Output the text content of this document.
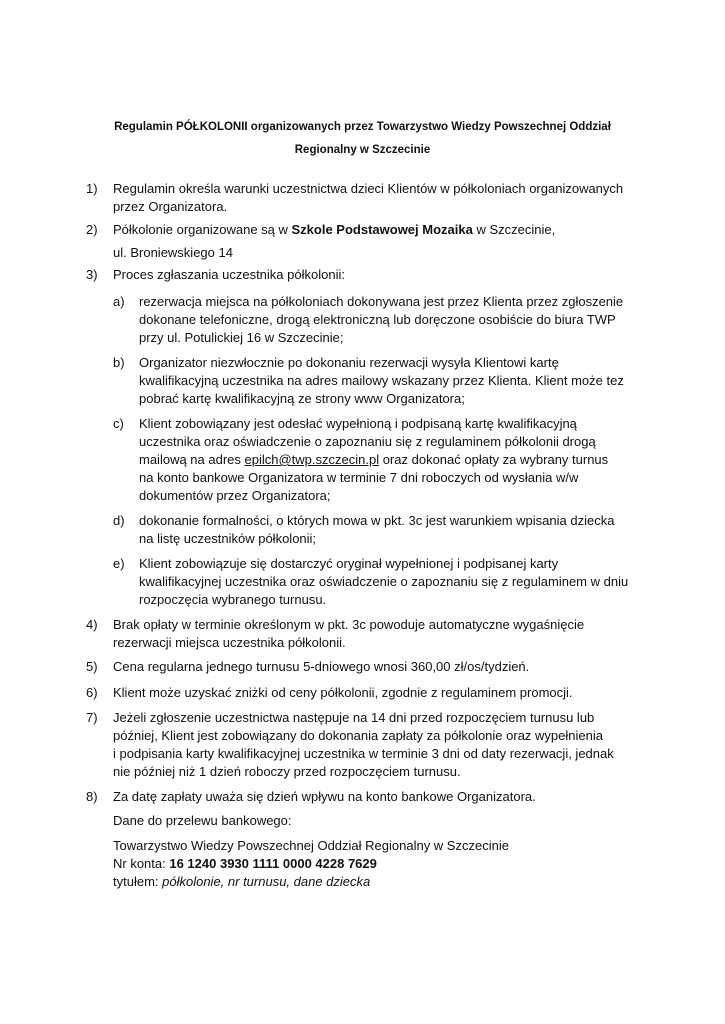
Regulamin PÓŁKOLONII organizowanych przez Towarzystwo Wiedzy Powszechnej Oddział
Regionalny w Szczecinie
1) Regulamin określa warunki uczestnictwa dzieci Klientów w półkoloniach organizowanych
przez Organizatora.
2) Półkolonie organizowane są w Szkole Podstawowej Mozaika w Szczecinie,
ul. Broniewskiego 14
3) Proces zgłaszania uczestnika półkolonii:
a) rezerwacja miejsca na półkoloniach dokonywana jest przez Klienta przez zgłoszenie
dokonane telefoniczne, drogą elektroniczną lub doręczone osobiście do biura TWP
przy ul. Potulickiej 16 w Szczecinie;
b) Organizator niezwłocznie po dokonaniu rezerwacji wysyła Klientowi kartę
kwalifikacyjną uczestnika na adres mailowy wskazany przez Klienta. Klient może tez
pobrać kartę kwalifikacyjną ze strony www Organizatora;
c) Klient zobowiązany jest odesłać wypełnioną i podpisaną kartę kwalifikacyjną
uczestnika oraz oświadczenie o zapoznaniu się z regulaminem półkolonii drogą
mailową na adres epilch@twp.szczecin.pl oraz dokonać opłaty za wybrany turnus
na konto bankowe Organizatora w terminie 7 dni roboczych od wysłania w/w
dokumentów przez Organizatora;
d) dokonanie formalności, o których mowa w pkt. 3c jest warunkiem wpisania dziecka
na listę uczestników półkolonii;
e) Klient zobowiązuje się dostarczyć oryginał wypełnionej i podpisanej karty
kwalifikacyjnej uczestnika oraz oświadczenie o zapoznaniu się z regulaminem w dniu
rozpoczęcia wybranego turnusu.
4) Brak opłaty w terminie określonym w pkt. 3c powoduje automatyczne wygaśnięcie
rezerwacji miejsca uczestnika półkolonii.
5) Cena regularna jednego turnusu 5-dniowego wnosi 360,00 zł/os/tydzień.
6) Klient może uzyskać zniżki od ceny półkolonii, zgodnie z regulaminem promocji.
7) Jeżeli zgłoszenie uczestnictwa następuje na 14 dni przed rozpoczęciem turnusu lub
później, Klient jest zobowiązany do dokonania zapłaty za półkolonie oraz wypełnienia
i podpisania karty kwalifikacyjnej uczestnika w terminie 3 dni od daty rezerwacji, jednak
nie później niż 1 dzień roboczy przed rozpoczęciem turnusu.
8) Za datę zapłaty uważa się dzień wpływu na konto bankowe Organizatora.
Dane do przelewu bankowego:
Towarzystwo Wiedzy Powszechnej Oddział Regionalny w Szczecinie
Nr konta: 16 1240 3930 1111 0000 4228 7629
tytułem: półkolonie, nr turnusu, dane dziecka
